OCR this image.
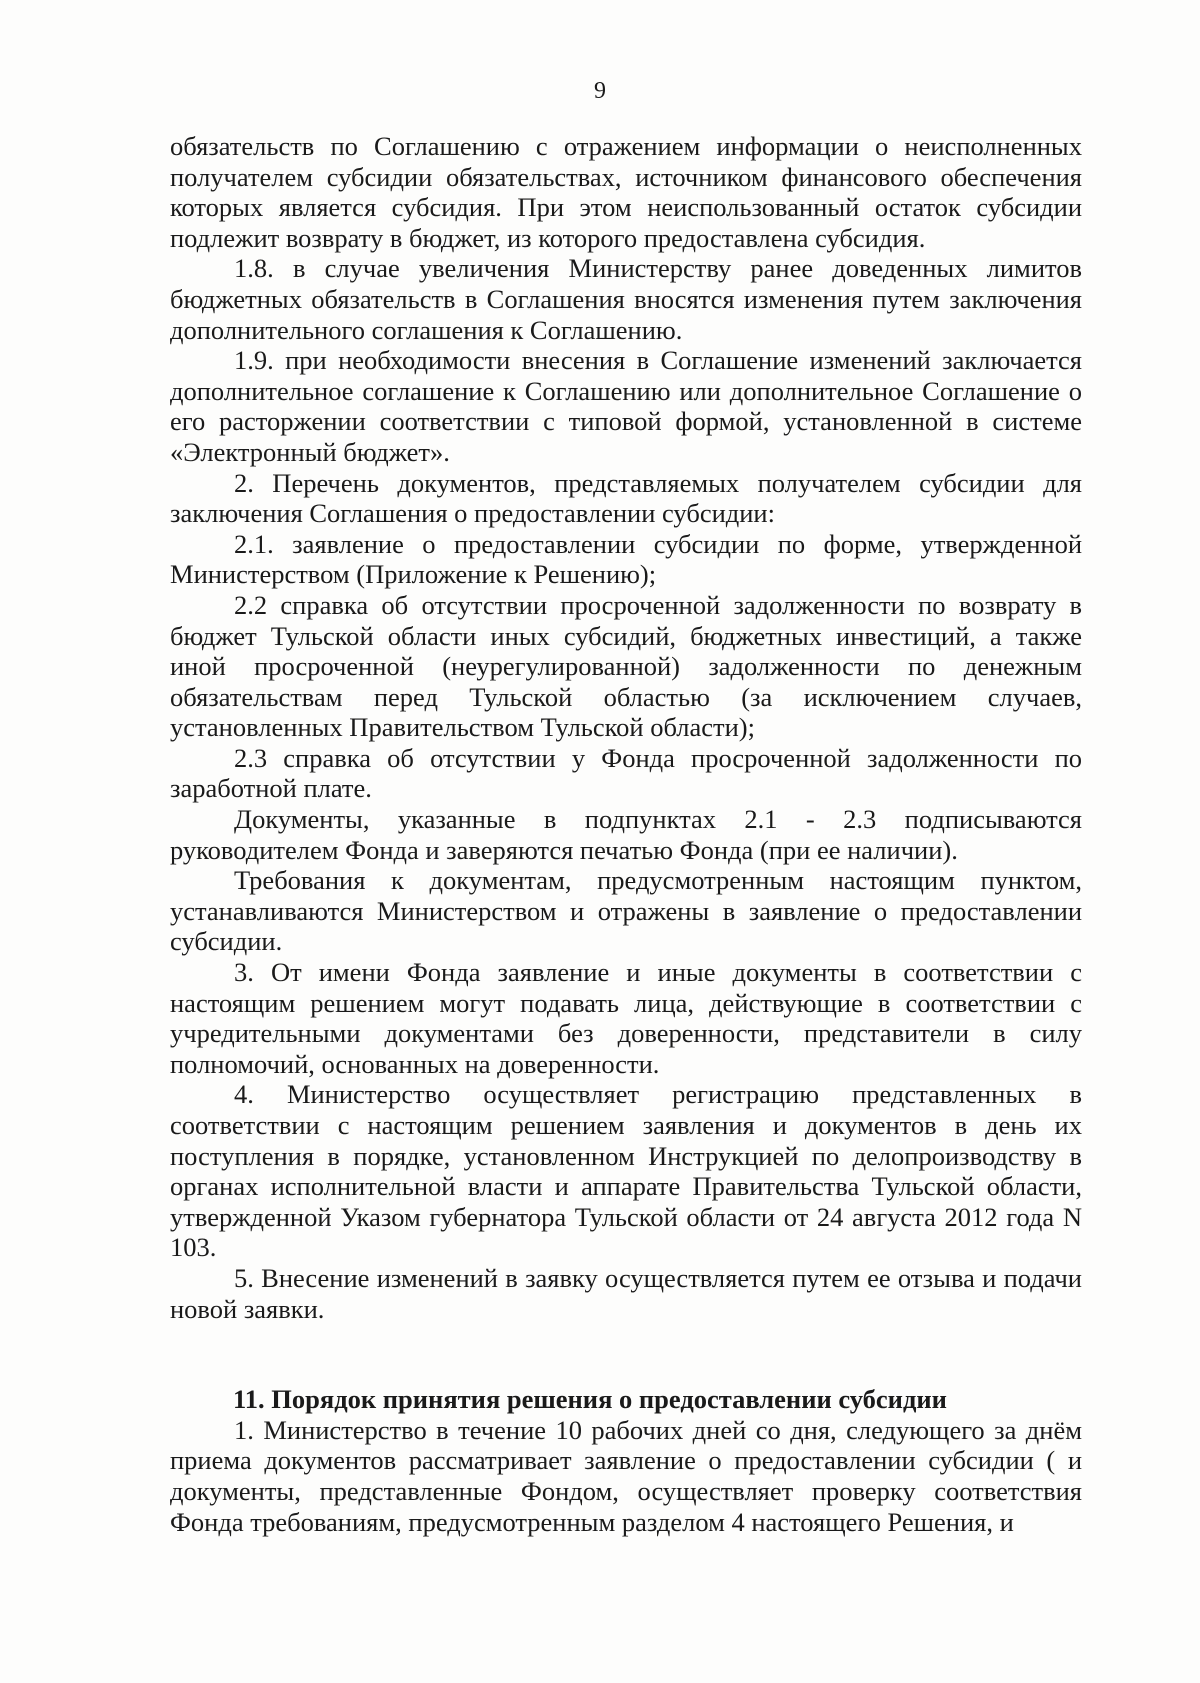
9

обязательств по Соглашению с отражением информации о неисполненных получателем субсидии обязательствах, источником финансового обеспечения которых является субсидия. При этом неиспользованный остаток субсидии подлежит возврату в бюджет, из которого предоставлена субсидия.

1.8. в случае увеличения Министерству ранее доведенных лимитов бюджетных обязательств в Соглашения вносятся изменения путем заключения дополнительного соглашения к Соглашению.

1.9. при необходимости внесения в Соглашение изменений заключается дополнительное соглашение к Соглашению или дополнительное Соглашение о его расторжении соответствии с типовой формой, установленной в системе «Электронный бюджет».

2. Перечень документов, представляемых получателем субсидии для заключения Соглашения о предоставлении субсидии:

2.1. заявление о предоставлении субсидии по форме, утвержденной Министерством (Приложение к Решению);

2.2 справка об отсутствии просроченной задолженности по возврату в бюджет Тульской области иных субсидий, бюджетных инвестиций, а также иной просроченной (неурегулированной) задолженности по денежным обязательствам перед Тульской областью (за исключением случаев, установленных Правительством Тульской области);

2.3 справка об отсутствии у Фонда просроченной задолженности по заработной плате.

Документы, указанные в подпунктах 2.1 - 2.3 подписываются руководителем Фонда и заверяются печатью Фонда (при ее наличии).

Требования к документам, предусмотренным настоящим пунктом, устанавливаются Министерством и отражены в заявление о предоставлении субсидии.

3. От имени Фонда заявление и иные документы в соответствии с настоящим решением могут подавать лица, действующие в соответствии с учредительными документами без доверенности, представители в силу полномочий, основанных на доверенности.

4. Министерство осуществляет регистрацию представленных в соответствии с настоящим решением заявления и документов в день их поступления в порядке, установленном Инструкцией по делопроизводству в органах исполнительной власти и аппарате Правительства Тульской области, утвержденной Указом губернатора Тульской области от 24 августа 2012 года N 103.

5. Внесение изменений в заявку осуществляется путем ее отзыва и подачи новой заявки.

11. Порядок принятия решения о предоставлении субсидии

1. Министерство в течение 10 рабочих дней со дня, следующего за днём приема документов рассматривает заявление о предоставлении субсидии ( и документы, представленные Фондом, осуществляет проверку соответствия Фонда требованиям, предусмотренным разделом 4 настоящего Решения, и
